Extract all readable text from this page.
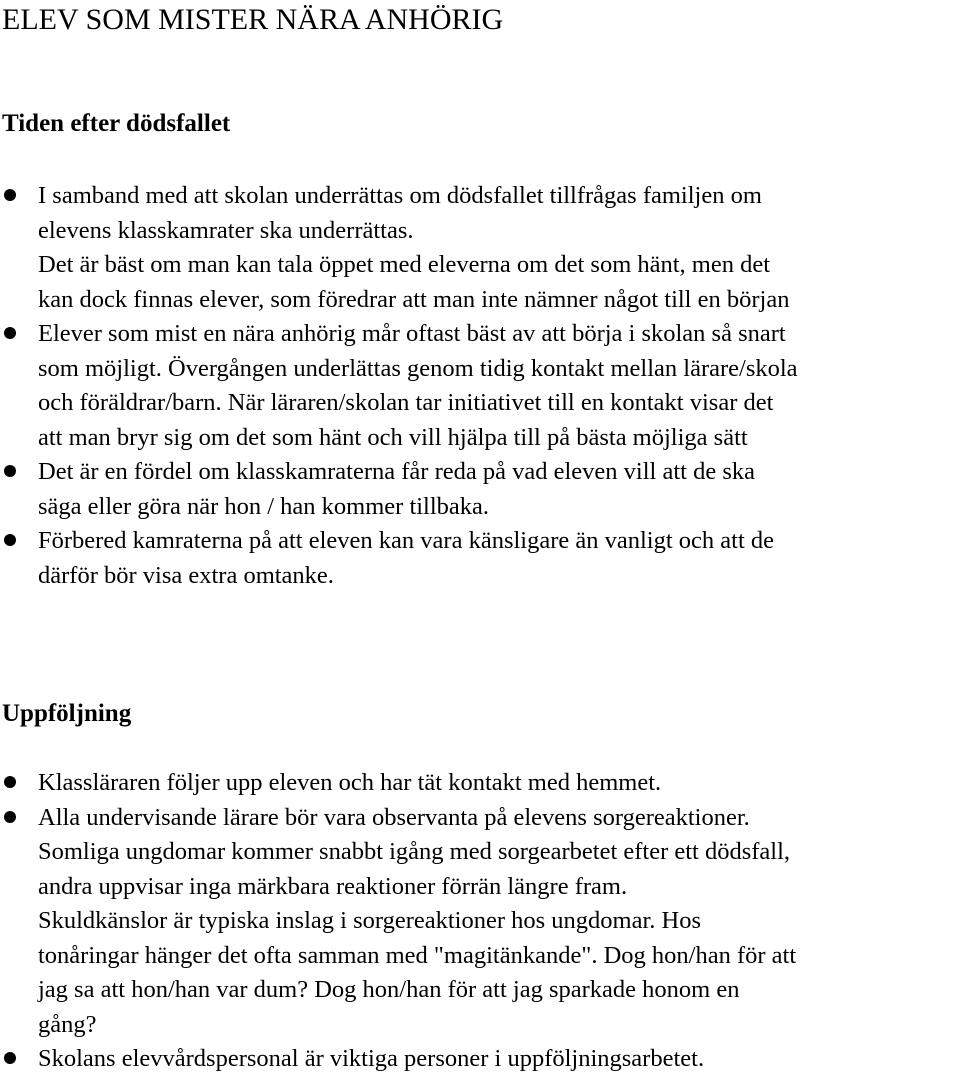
ELEV SOM MISTER NÄRA ANHÖRIG
Tiden efter dödsfallet
I samband med att skolan underrättas om dödsfallet tillfrågas familjen om
elevens klasskamrater ska underrättas.
Det är bäst om man kan tala öppet med eleverna om det som hänt, men det
kan dock finnas elever, som föredrar att man inte nämner något till en början
Elever som mist en nära anhörig mår oftast bäst av att börja i skolan så snart
som möjligt. Övergången underlättas genom tidig kontakt mellan lärare/skola
och föräldrar/barn. När läraren/skolan tar initiativet till en kontakt visar det
att man bryr sig om det som hänt och vill hjälpa till på bästa möjliga sätt
Det är en fördel om klasskamraterna får reda på vad eleven vill att de ska
säga eller göra när hon / han kommer tillbaka.
Förbered kamraterna på att eleven kan vara känsligare än vanligt och att de
därför bör visa extra omtanke.
Uppföljning
Klassläraren följer upp eleven och har tät kontakt med hemmet.
Alla undervisande lärare bör vara observanta på elevens sorgereaktioner.
Somliga ungdomar kommer snabbt igång med sorgearbetet efter ett dödsfall,
andra uppvisar inga märkbara reaktioner förrän längre fram.
Skuldkänslor är typiska inslag i sorgereaktioner hos ungdomar. Hos
tonåringar hänger det ofta samman med "magitänkande". Dog hon/han för att
jag sa att hon/han var dum? Dog hon/han för att jag sparkade honom en
gång?
Skolans elevvårdspersonal är viktiga personer i uppföljningsarbetet.
